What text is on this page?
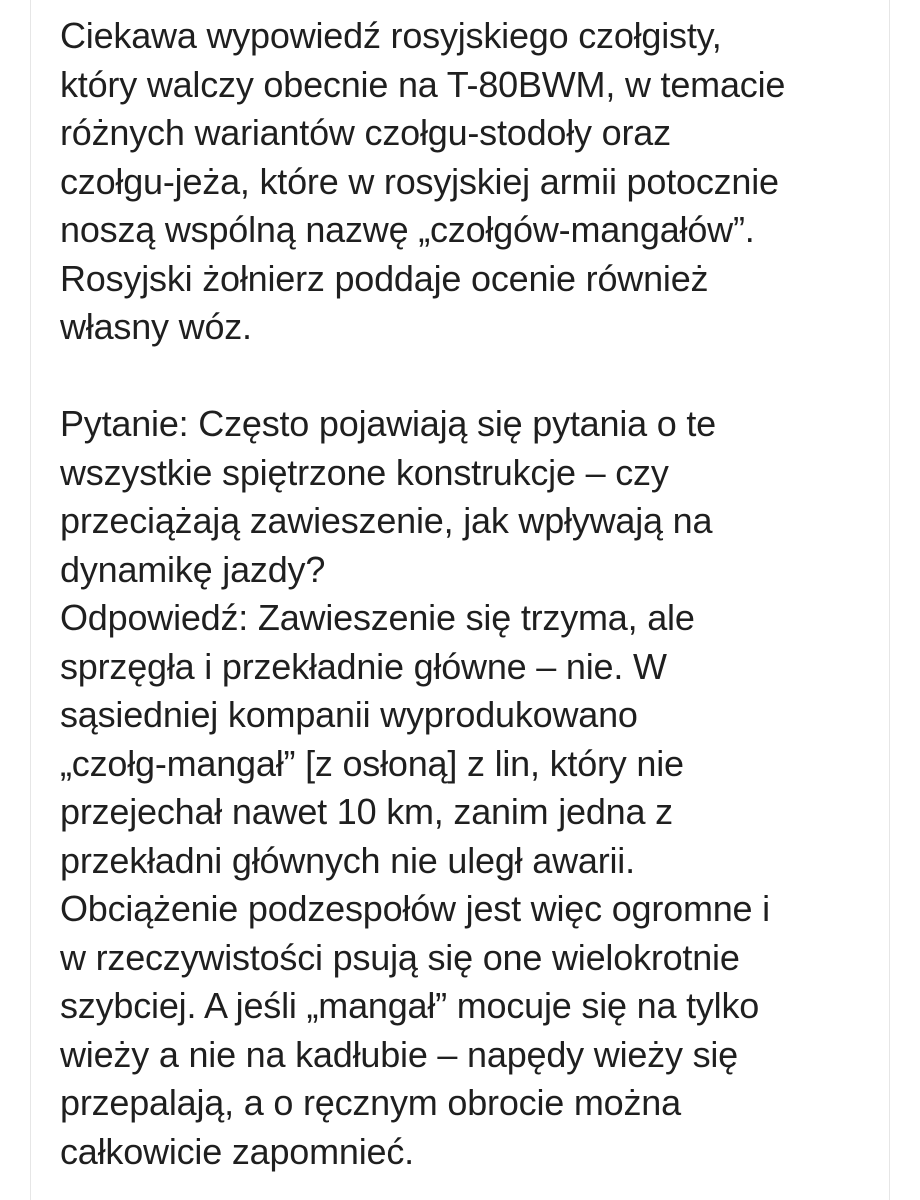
Ciekawa wypowiedź rosyjskiego czołgisty,
który walczy obecnie na T-80BWM, w temacie
różnych wariantów czołgu-stodoły oraz
czołgu-jeża, które w rosyjskiej armii potocznie
noszą wspólną nazwę „czołgów-mangałów”.
Rosyjski żołnierz poddaje ocenie również
własny wóz.

Pytanie: Często pojawiają się pytania o te
wszystkie spiętrzone konstrukcje – czy
przeciążają zawieszenie, jak wpływają na
dynamikę jazdy?

Odpowiedź: Zawieszenie się trzyma, ale
sprzęgła i przekładnie główne – nie. W
sąsiedniej kompanii wyprodukowano
„czołg-mangał” [z osłoną] z lin, który nie
przejechał nawet 10 km, zanim jedna z
przekładni głównych nie uległ awarii.
Obciążenie podzespołów jest więc ogromne i
w rzeczywistości psują się one wielokrotnie
szybciej. A jeśli „mangał” mocuje się na tylko
wieży a nie na kadłubie – napędy wieży się
przepalają, a o ręcznym obrocie można
całkowicie zapomnieć.
